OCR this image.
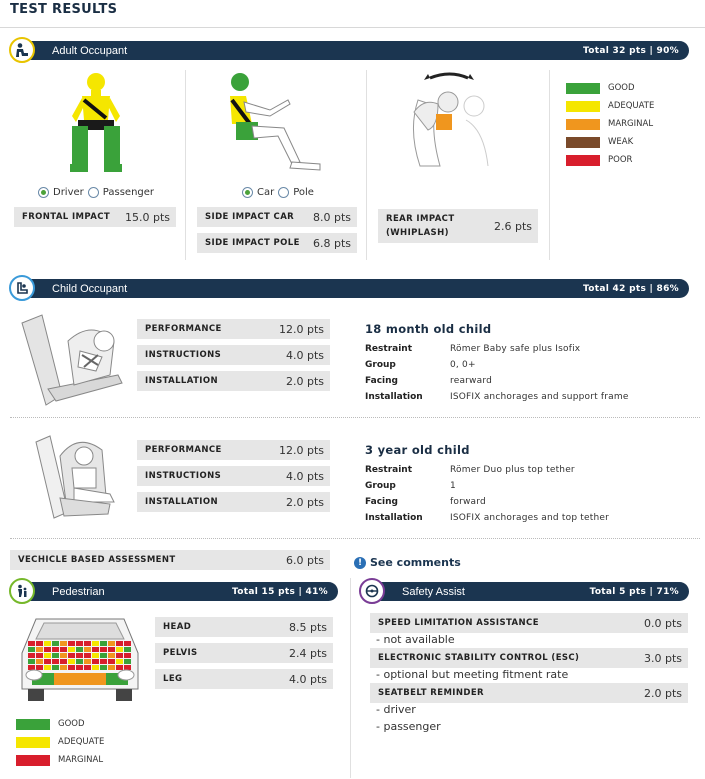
TEST RESULTS
Adult Occupant	Total 32 pts | 90%
Driver Passenger
FRONTAL IMPACT 15.0 pts
Car Pole
SIDE IMPACT CAR 8.0 pts
SIDE IMPACT POLE 6.8 pts
REAR IMPACT
(WHIPLASH)
2.6 pts
GOOD
ADEQUATE
MARGINAL
WEAK
POOR
Child Occupant	Total 42 pts | 86%
PERFORMANCE	12.0 pts
INSTRUCTIONS	4.0 pts
INSTALLATION	2.0 pts
18 month old child
Restraint	Römer Baby safe plus Isofix
Group	0, 0+
Facing	rearward
Installation	ISOFIX anchorages and support frame
PERFORMANCE	12.0 pts
INSTRUCTIONS	4.0 pts
INSTALLATION	2.0 pts
3 year old child
Restraint	Römer Duo plus top tether
Group	1
Facing	forward
Installation	ISOFIX anchorages and top tether
VECHICLE BASED ASSESSMENT	6.0 pts	! See comments
Pedestrian	Total 15 pts | 41%
HEAD	8.5 pts
PELVIS	2.4 pts
LEG	4.0 pts
GOOD
ADEQUATE
MARGINAL
Safety Assist	Total 5 pts | 71%
SPEED LIMITATION ASSISTANCE	0.0 pts
- not available
ELECTRONIC STABILITY CONTROL (ESC)	3.0 pts
- optional but meeting fitment rate
SEATBELT REMINDER	2.0 pts
- driver
- passenger
